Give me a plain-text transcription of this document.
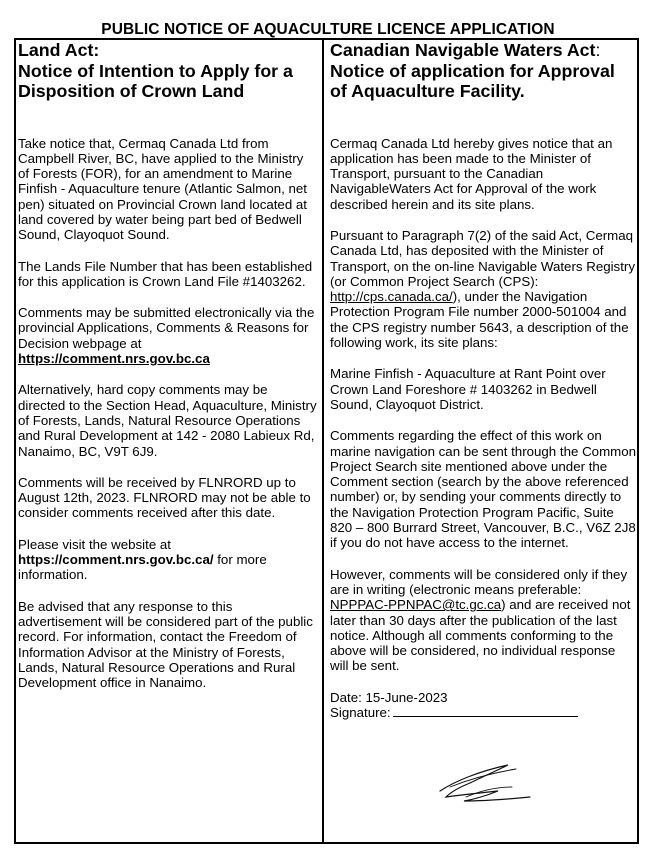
PUBLIC NOTICE OF AQUACULTURE LICENCE APPLICATION
Land Act:
Notice of Intention to Apply for a Disposition of Crown Land

Take notice that, Cermaq Canada Ltd from Campbell River, BC, have applied to the Ministry of Forests (FOR), for an amendment to Marine Finfish - Aquaculture tenure (Atlantic Salmon, net pen) situated on Provincial Crown land located at land covered by water being part bed of Bedwell Sound, Clayoquot Sound.

The Lands File Number that has been established for this application is Crown Land File #1403262.

Comments may be submitted electronically via the provincial Applications, Comments & Reasons for Decision webpage at
https://comment.nrs.gov.bc.ca

Alternatively, hard copy comments may be directed to the Section Head, Aquaculture, Ministry of Forests, Lands, Natural Resource Operations and Rural Development at 142 - 2080 Labieux Rd, Nanaimo, BC, V9T 6J9.

Comments will be received by FLNRORD up to August 12th, 2023. FLNRORD may not be able to consider comments received after this date.

Please visit the website at
https://comment.nrs.gov.bc.ca/ for more information.

Be advised that any response to this advertisement will be considered part of the public record. For information, contact the Freedom of Information Advisor at the Ministry of Forests, Lands, Natural Resource Operations and Rural Development office in Nanaimo.

Canadian Navigable Waters Act:
Notice of application for Approval of Aquaculture Facility.

Cermaq Canada Ltd hereby gives notice that an application has been made to the Minister of Transport, pursuant to the Canadian NavigableWaters Act for Approval of the work described herein and its site plans.

Pursuant to Paragraph 7(2) of the said Act, Cermaq Canada Ltd, has deposited with the Minister of Transport, on the on-line Navigable Waters Registry (or Common Project Search (CPS): http://cps.canada.ca/), under the Navigation Protection Program File number 2000-501004 and the CPS registry number 5643, a description of the following work, its site plans:

Marine Finfish - Aquaculture at Rant Point over Crown Land Foreshore # 1403262 in Bedwell Sound, Clayoquot District.

Comments regarding the effect of this work on marine navigation can be sent through the Common Project Search site mentioned above under the Comment section (search by the above referenced number) or, by sending your comments directly to the Navigation Protection Program Pacific, Suite 820 – 800 Burrard Street, Vancouver, B.C., V6Z 2J8 if you do not have access to the internet.

However, comments will be considered only if they are in writing (electronic means preferable: NPPPAC-PPNPAC@tc.gc.ca) and are received not later than 30 days after the publication of the last notice. Although all comments conforming to the above will be considered, no individual response will be sent.

Date: 15-June-2023
Signature:
